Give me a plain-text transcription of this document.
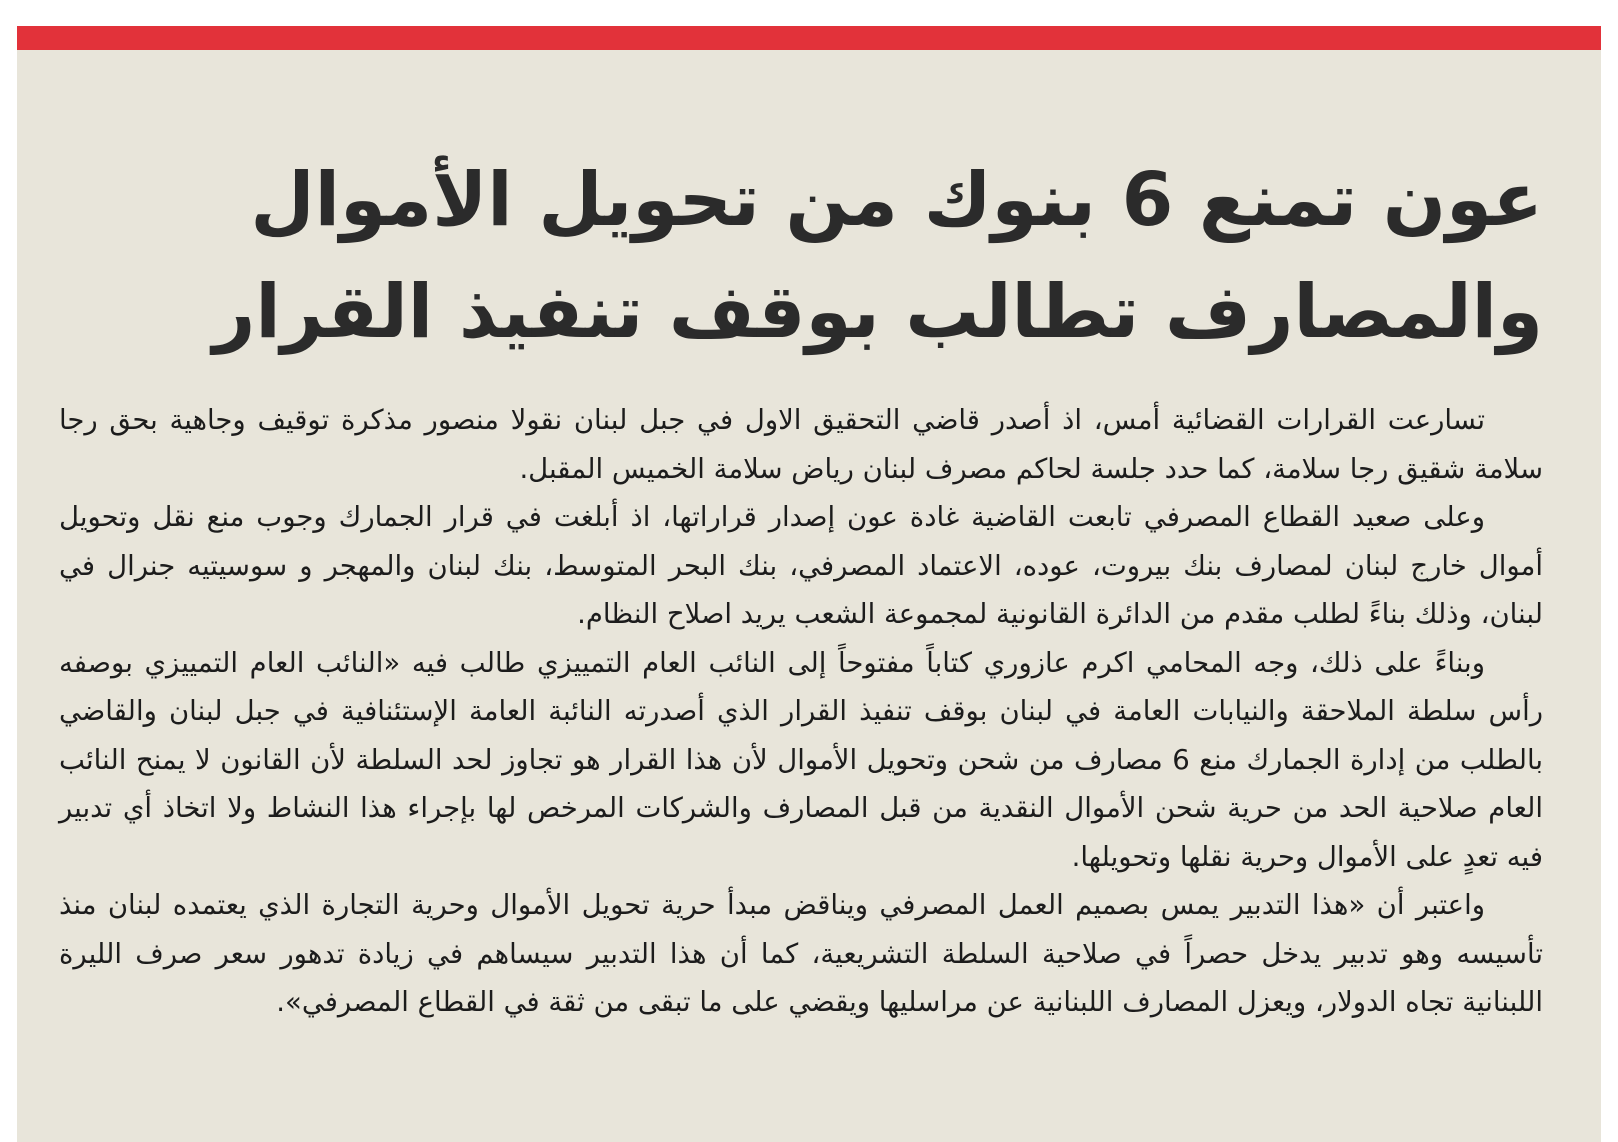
عون تمنع 6 بنوك من تحويل الأموال
والمصارف تطالب بوقف تنفيذ القرار

تسارعت القرارات القضائية أمس، اذ أصدر قاضي التحقيق الاول في جبل لبنان نقولا منصور مذكرة توقيف وجاهية بحق رجا سلامة شقيق رجا سلامة، كما حدد جلسة لحاكم مصرف لبنان رياض سلامة الخميس المقبل.

وعلى صعيد القطاع المصرفي تابعت القاضية غادة عون إصدار قراراتها، اذ أبلغت في قرار الجمارك وجوب منع نقل وتحويل أموال خارج لبنان لمصارف بنك بيروت، عوده، الاعتماد المصرفي، بنك البحر المتوسط، بنك لبنان والمهجر و سوسيتيه جنرال في لبنان، وذلك بناءً لطلب مقدم من الدائرة القانونية لمجموعة الشعب يريد اصلاح النظام.

وبناءً على ذلك، وجه المحامي اكرم عازوري كتاباً مفتوحاً إلى النائب العام التمييزي طالب فيه «النائب العام التمييزي بوصفه رأس سلطة الملاحقة والنيابات العامة في لبنان بوقف تنفيذ القرار الذي أصدرته النائبة العامة الإستئنافية في جبل لبنان والقاضي بالطلب من إدارة الجمارك منع 6 مصارف من شحن وتحويل الأموال لأن هذا القرار هو تجاوز لحد السلطة لأن القانون لا يمنح النائب العام صلاحية الحد من حرية شحن الأموال النقدية من قبل المصارف والشركات المرخص لها بإجراء هذا النشاط ولا اتخاذ أي تدبير فيه تعدٍ على الأموال وحرية نقلها وتحويلها.

واعتبر أن «هذا التدبير يمس بصميم العمل المصرفي ويناقض مبدأ حرية تحويل الأموال وحرية التجارة الذي يعتمده لبنان منذ تأسيسه وهو تدبير يدخل حصراً في صلاحية السلطة التشريعية، كما أن هذا التدبير سيساهم في زيادة تدهور سعر صرف الليرة اللبنانية تجاه الدولار، ويعزل المصارف اللبنانية عن مراسليها ويقضي على ما تبقى من ثقة في القطاع المصرفي».
